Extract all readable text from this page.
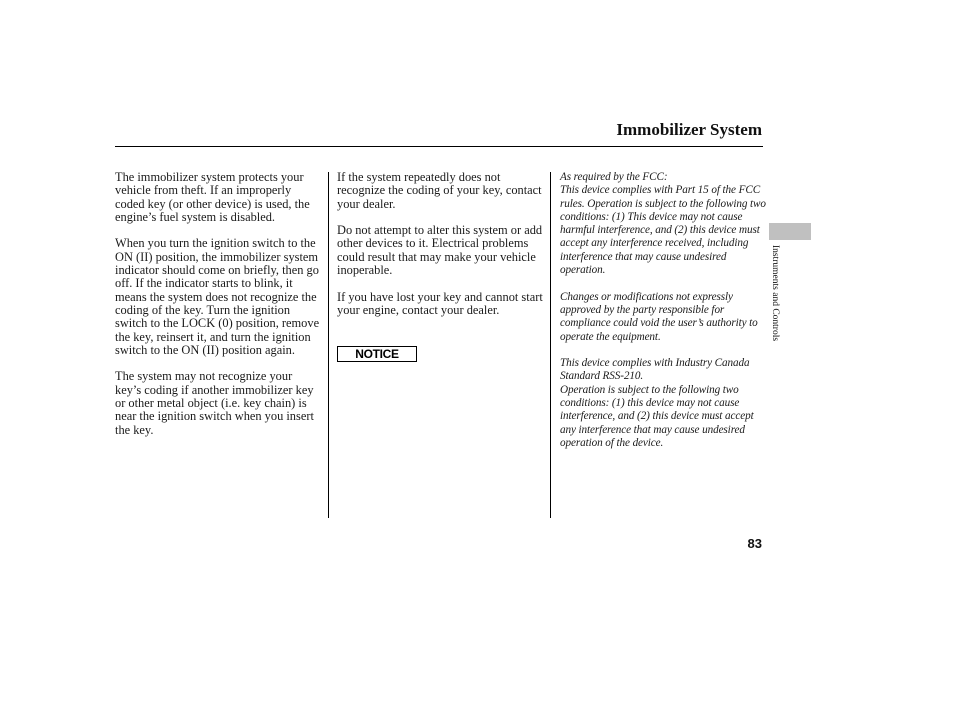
Immobilizer System

The immobilizer system protects your vehicle from theft. If an improperly coded key (or other device) is used, the engine’s fuel system is disabled.

When you turn the ignition switch to the ON (II) position, the immobilizer system indicator should come on briefly, then go off. If the indicator starts to blink, it means the system does not recognize the coding of the key. Turn the ignition switch to the LOCK (0) position, remove the key, reinsert it, and turn the ignition switch to the ON (II) position again.

The system may not recognize your key’s coding if another immobilizer key or other metal object (i.e. key chain) is near the ignition switch when you insert the key.

If the system repeatedly does not recognize the coding of your key, contact your dealer.

Do not attempt to alter this system or add other devices to it. Electrical problems could result that may make your vehicle inoperable.

If you have lost your key and cannot start your engine, contact your dealer.

NOTICE

As required by the FCC:

This device complies with Part 15 of the FCC rules. Operation is subject to the following two conditions: (1) This device may not cause harmful interference, and (2) this device must accept any interference received, including interference that may cause undesired operation.

Changes or modifications not expressly approved by the party responsible for compliance could void the user’s authority to operate the equipment.

This device complies with Industry Canada Standard RSS-210.

Operation is subject to the following two conditions: (1) this device may not cause interference, and (2) this device must accept any interference that may cause undesired operation of the device.

Instruments and Controls
83
